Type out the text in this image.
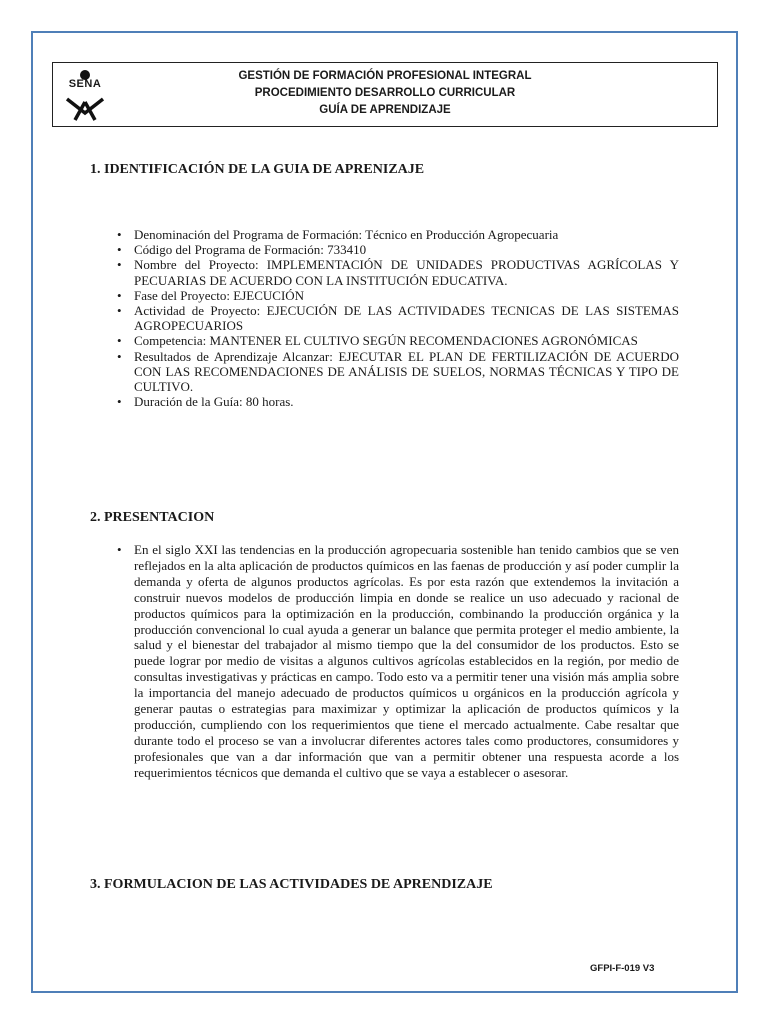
SENA
GESTIÓN DE FORMACIÓN PROFESIONAL INTEGRAL
PROCEDIMIENTO DESARROLLO CURRICULAR
GUÍA DE APRENDIZAJE
1. IDENTIFICACIÓN DE LA GUIA DE APRENIZAJE
• Denominación del Programa de Formación: Técnico en Producción Agropecuaria
• Código del Programa de Formación: 733410
• Nombre del Proyecto: IMPLEMENTACIÓN DE UNIDADES PRODUCTIVAS AGRÍCOLAS Y PECUARIAS DE ACUERDO CON LA INSTITUCIÓN EDUCATIVA.
• Fase del Proyecto: EJECUCIÓN
• Actividad de Proyecto: EJECUCIÓN DE LAS ACTIVIDADES TECNICAS DE LAS SISTEMAS AGROPECUARIOS
• Competencia: MANTENER EL CULTIVO SEGÚN RECOMENDACIONES AGRONÓMICAS
• Resultados de Aprendizaje Alcanzar: EJECUTAR EL PLAN DE FERTILIZACIÓN DE ACUERDO CON LAS RECOMENDACIONES DE ANÁLISIS DE SUELOS, NORMAS TÉCNICAS Y TIPO DE CULTIVO.
• Duración de la Guía: 80 horas.
2. PRESENTACION
• En el siglo XXI las tendencias en la producción agropecuaria sostenible han tenido cambios que se ven reflejados en la alta aplicación de productos químicos en las faenas de producción y así poder cumplir la demanda y oferta de algunos productos agrícolas. Es por esta razón que extendemos la invitación a construir nuevos modelos de producción limpia en donde se realice un uso adecuado y racional de productos químicos para la optimización en la producción, combinando la producción orgánica y la producción convencional lo cual ayuda a generar un balance que permita proteger el medio ambiente, la salud y el bienestar del trabajador al mismo tiempo que la del consumidor de los productos. Esto se puede lograr por medio de visitas a algunos cultivos agrícolas establecidos en la región, por medio de consultas investigativas y prácticas en campo. Todo esto va a permitir tener una visión más amplia sobre la importancia del manejo adecuado de productos químicos u orgánicos en la producción agrícola y generar pautas o estrategias para maximizar y optimizar la aplicación de productos químicos y la producción, cumpliendo con los requerimientos que tiene el mercado actualmente. Cabe resaltar que durante todo el proceso se van a involucrar diferentes actores tales como productores, consumidores y profesionales que van a dar información que van a permitir obtener una respuesta acorde a los requerimientos técnicos que demanda el cultivo que se vaya a establecer o asesorar.
3. FORMULACION DE LAS ACTIVIDADES DE APRENDIZAJE
GFPI-F-019 V3
